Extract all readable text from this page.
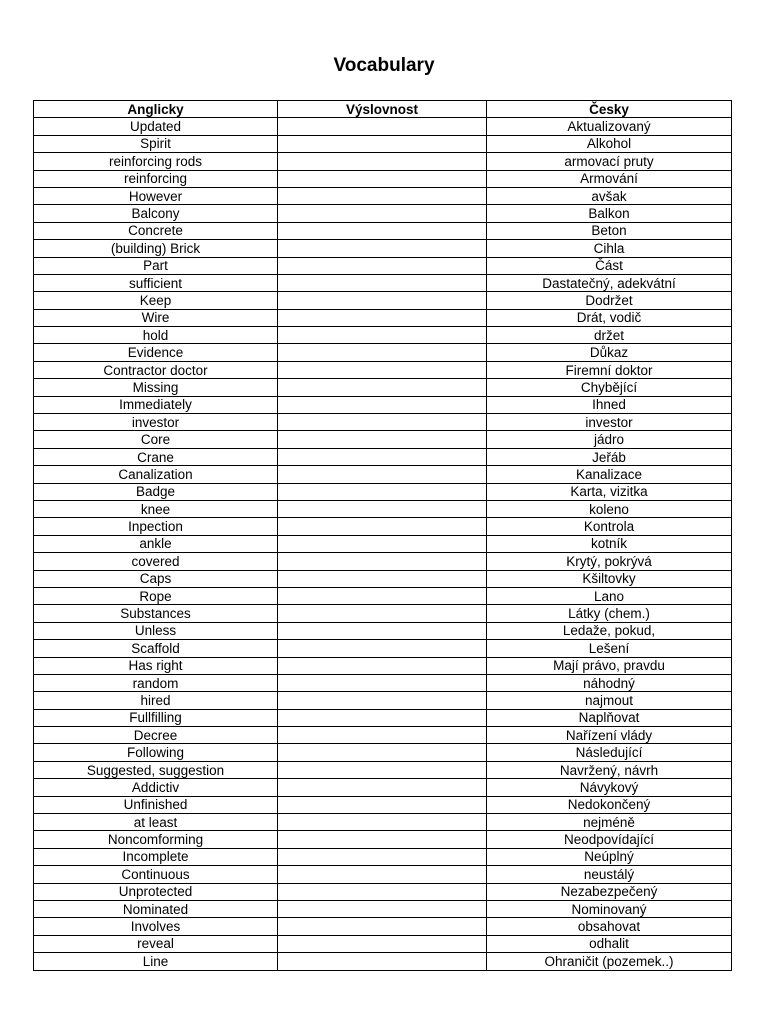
Vocabulary
Anglicky	Výslovnost	Česky
Updated		Aktualizovaný
Spirit		Alkohol
reinforcing rods		armovací pruty
reinforcing		Armování
However		avšak
Balcony		Balkon
Concrete		Beton
(building) Brick		Cihla
Part		Část
sufficient		Dastatečný, adekvátní
Keep		Dodržet
Wire		Drát, vodič
hold		držet
Evidence		Důkaz
Contractor doctor		Firemní doktor
Missing		Chybějící
Immediately		Ihned
investor		investor
Core		jádro
Crane		Jeřáb
Canalization		Kanalizace
Badge		Karta, vizitka
knee		koleno
Inpection		Kontrola
ankle		kotník
covered		Krytý, pokrývá
Caps		Kšiltovky
Rope		Lano
Substances		Látky (chem.)
Unless		Ledaže, pokud,
Scaffold		Lešení
Has right		Mají právo, pravdu
random		náhodný
hired		najmout
Fullfilling		Naplňovat
Decree		Nařízení vlády
Following		Následující
Suggested, suggestion		Navržený, návrh
Addictiv		Návykový
Unfinished		Nedokončený
at least		nejméně
Noncomforming		Neodpovídající
Incomplete		Neúplný
Continuous		neustálý
Unprotected		Nezabezpečený
Nominated		Nominovaný
Involves		obsahovat
reveal		odhalit
Line		Ohraničit (pozemek..)
